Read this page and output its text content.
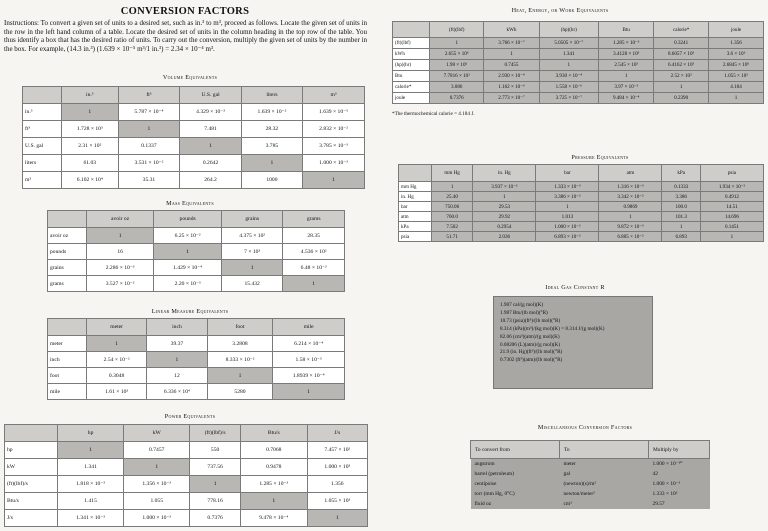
CONVERSION FACTORS
Instructions: To convert a given set of units to a desired set, such as in.³ to m³, proceed as follows. Locate the given set of units in the row in the left hand column of a table. Locate the desired set of units in the column heading in the top row of the table. You thus identify a box that has the desired ratio of units. To carry out the conversion, multiply the given set of units by the number in the box. For example, (14.3 in.³) (1.639 × 10⁻⁵ m³/1 in.³) = 2.34 × 10⁻⁴ m³.
Volume Equivalents
	in.³	ft³	U.S. gal	liters	m³
in.³	1	5.787 × 10⁻⁴	4.329 × 10⁻³	1.639 × 10⁻²	1.639 × 10⁻⁵
ft³	1.728 × 10³	1	7.481	28.32	2.832 × 10⁻²
U.S. gal	2.31 × 10²	0.1337	1	3.785	3.785 × 10⁻³
liters	61.03	3.531 × 10⁻²	0.2642	1	1.000 × 10⁻³
m³	6.102 × 10⁴	35.31	264.2	1000	1
Mass Equivalents
	avoir oz	pounds	grains	grams
avoir oz	1	6.25 × 10⁻²	4.375 × 10²	28.35
pounds	16	1	7 × 10³	4.536 × 10²
grains	2.286 × 10⁻³	1.429 × 10⁻⁴	1	6.48 × 10⁻²
grams	3.527 × 10⁻²	2.20 × 10⁻³	15.432	1
Linear Measure Equivalents
	meter	inch	foot	mile
meter	1	39.37	3.2808	6.214 × 10⁻⁴
inch	2.54 × 10⁻²	1	8.333 × 10⁻²	1.58 × 10⁻⁵
foot	0.3048	12	1	1.8939 × 10⁻⁴
mile	1.61 × 10³	6.336 × 10⁴	5280	1
Power Equivalents
	hp	kW	(ft)(lbf)/s	Btu/s	J/s
hp	1	0.7457	550	0.7068	7.457 × 10²
kW	1.341	1	737.56	0.9478	1.000 × 10³
(ft)(lbf)/s	1.818 × 10⁻³	1.356 × 10⁻³	1	1.285 × 10⁻³	1.356
Btu/s	1.415	1.055	778.16	1	1.055 × 10³
J/s	1.341 × 10⁻³	1.000 × 10⁻³	0.7376	9.478 × 10⁻⁴	1
Heat, Energy, or Work Equivalents
	(ft)(lbf)	kWh	(hp)(hr)	Btu	calorie*	joule
(ft)(lbf)	1	3.766 × 10⁻⁷	5.0505 × 10⁻⁷	1.285 × 10⁻³	0.3241	1.356
kWh	2.655 × 10⁶	1	1.341	3.4128 × 10³	8.6057 × 10⁵	3.6 × 10⁶
(hp)(hr)	1.98 × 10⁶	0.7455	1	2.545 × 10³	6.4162 × 10⁵	2.6845 × 10⁶
Btu	7.7816 × 10²	2.930 × 10⁻⁴	3.930 × 10⁻⁴	1	2.52 × 10²	1.055 × 10³
calorie*	3.086	1.162 × 10⁻⁶	1.558 × 10⁻⁶	3.97 × 10⁻³	1	4.184
joule	0.7376	2.773 × 10⁻⁷	3.725 × 10⁻⁷	9.484 × 10⁻⁴	0.2390	1
*The thermochemical calorie = 4.184 J.
Pressure Equivalents
	mm Hg	in. Hg	bar	atm	kPa	psia
mm Hg	1	3.937 × 10⁻²	1.333 × 10⁻³	1.316 × 10⁻³	0.1333	1.934 × 10⁻²
in. Hg	25.40	1	3.386 × 10⁻²	3.342 × 10⁻²	3.386	0.4912
bar	750.06	29.53	1	0.9869	100.0	14.51
atm	760.0	29.92	1.013	1	101.3	14.696
kPa	7.502	0.2954	1.000 × 10⁻²	9.872 × 10⁻³	1	0.1451
psia	51.71	2.036	6.893 × 10⁻²	6.805 × 10⁻²	6.893	1
Ideal Gas Constant R
1.987 cal/(g mol)(K)
1.987 Btu/(lb mol)(°R)
10.73 (psia)(ft³)/(lb mol)(°R)
8.314 (kPa)(m³)/(kg mol)(K) = 8.314 J/(g mol)(K)
82.06 (cm³)(atm)/(g mol)(K)
0.08206 (L)(atm)/(g mol)(K)
21.9 (in. Hg)(ft³)/(lb mol)(°R)
0.7302 (ft³)(atm)/(lb mol)(°R)
Miscellaneous Conversion Factors
To convert from	To	Multiply by
angstrom	meter	1.000 × 10⁻¹⁰
barrel (petroleum)	gal	42
centipoise	(newton)(s)/m²	1.000 × 10⁻³
torr (mm Hg, 0°C)	newton/meter²	1.333 × 10²
fluid oz	cm³	29.57
